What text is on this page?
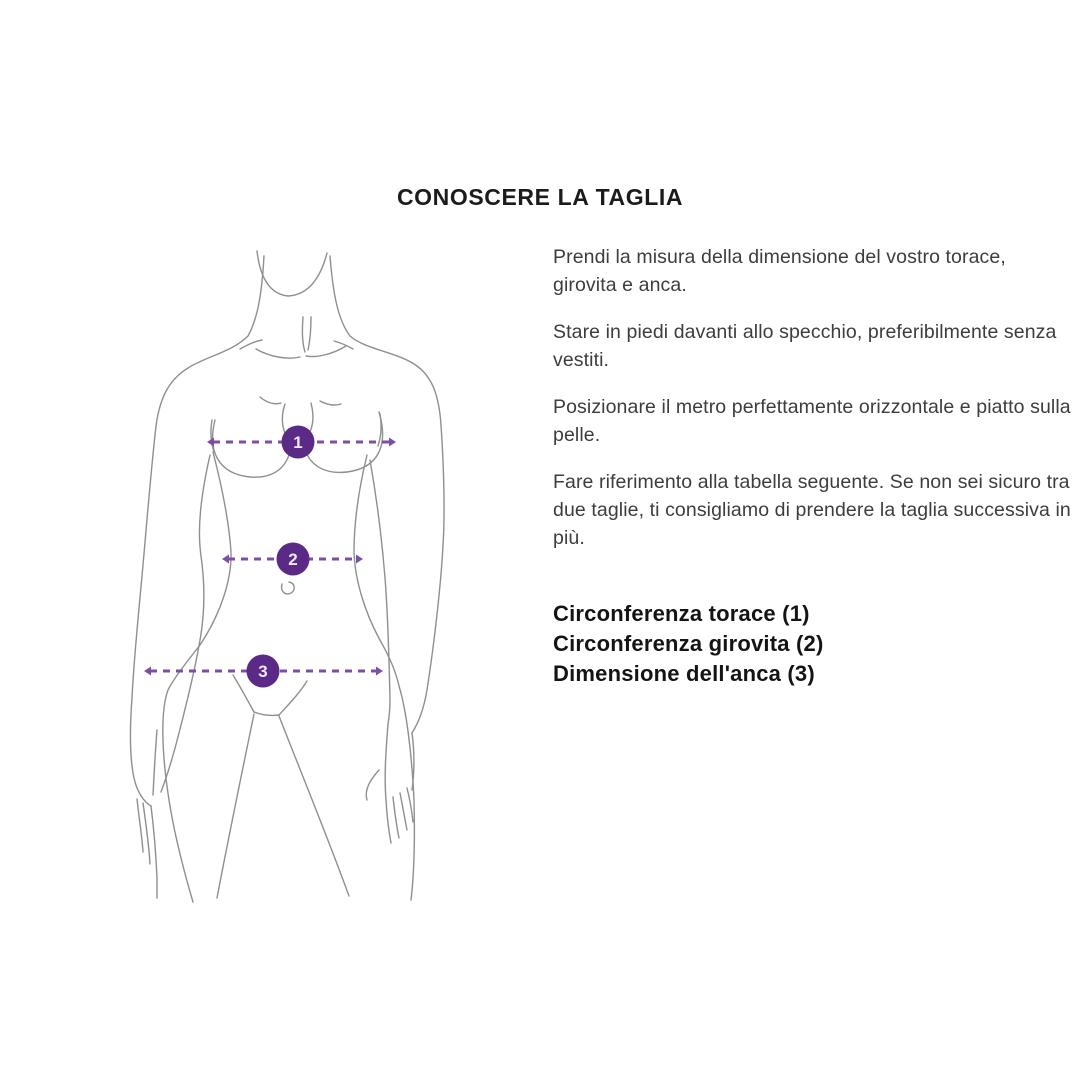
CONOSCERE LA TAGLIA
1
2
3

Prendi la misura della dimensione del vostro torace, girovita e anca.

Stare in piedi davanti allo specchio, preferibilmente senza vestiti.

Posizionare il metro perfettamente orizzontale e piatto sulla pelle.

Fare riferimento alla tabella seguente. Se non sei sicuro tra due taglie, ti consigliamo di prendere la taglia successiva in più.

Circonferenza torace (1)
Circonferenza girovita (2)
Dimensione dell'anca (3)
